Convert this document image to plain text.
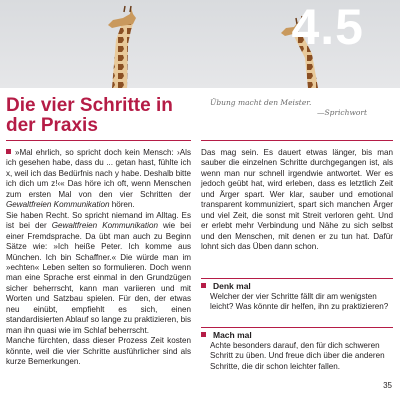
4.5
Die vier Schritte in der Praxis
Übung macht den Meister.
—Sprichwort

»Mal ehrlich, so spricht doch kein Mensch: ›Als ich gesehen habe, dass du ... getan hast, fühlte ich x, weil ich das Bedürfnis nach y habe. Deshalb bitte ich dich um z!‹« Das höre ich oft, wenn Menschen zum ersten Mal von den vier Schritten der Gewaltfreien Kommunikation hören.

Sie haben Recht. So spricht niemand im Alltag. Es ist bei der Gewaltfreien Kommunikation wie bei einer Fremdsprache. Da übt man auch zu Beginn Sätze wie: »Ich heiße Peter. Ich komme aus München. Ich bin Schaffner.« Die würde man im »echten« Leben selten so formulieren. Doch wenn man eine Sprache erst einmal in den Grundzügen sicher beherrscht, kann man variieren und mit Worten und Satzbau spielen. Für den, der etwas neu einübt, empfiehlt es sich, einen standardisierten Ablauf so lange zu praktizieren, bis man ihn quasi wie im Schlaf beherrscht.

Manche fürchten, dass dieser Prozess Zeit kosten könnte, weil die vier Schritte ausführlicher sind als kurze Bemerkungen.

Das mag sein. Es dauert etwas länger, bis man sauber die einzelnen Schritte durchgegangen ist, als wenn man nur schnell irgendwie antwortet. Wer es jedoch geübt hat, wird erleben, dass es letztlich Zeit und Ärger spart. Wer klar, sauber und emotional transparent kommuniziert, spart sich manchen Ärger und viel Zeit, die sonst mit Streit verloren geht. Und er erlebt mehr Verbindung und Nähe zu sich selbst und den Menschen, mit denen er zu tun hat. Dafür lohnt sich das Üben dann schon.

Denk mal
Welcher der vier Schritte fällt dir am wenigsten leicht? Was könnte dir helfen, ihn zu praktizieren?
Mach mal
Achte besonders darauf, den für dich schweren Schritt zu üben. Und freue dich über die anderen Schritte, die dir schon leichter fallen.
35
